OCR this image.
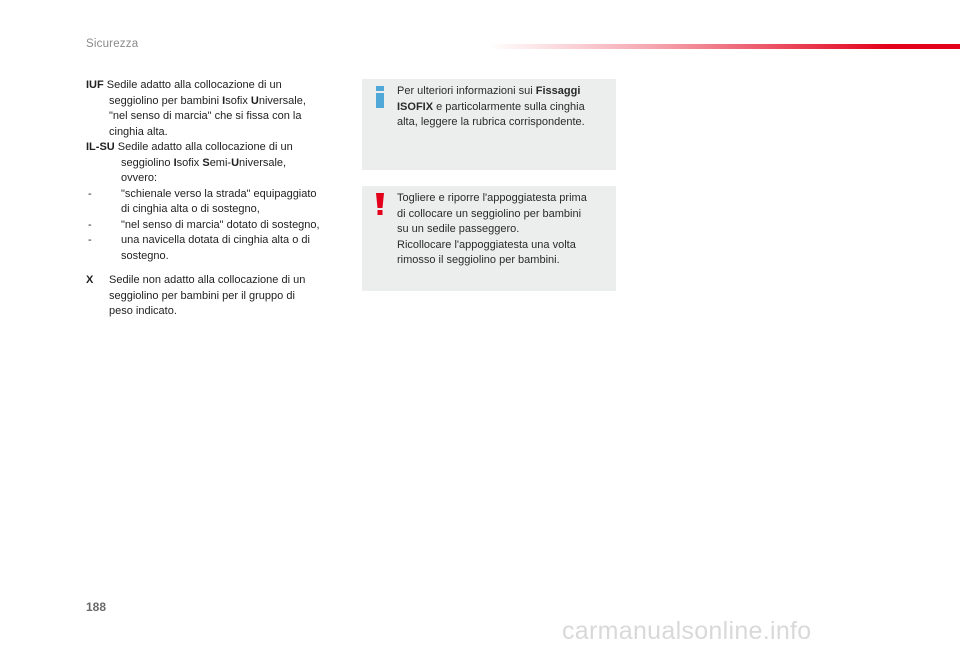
Sicurezza
IUF Sedile adatto alla collocazione di un
seggiolino per bambini Isofix Universale,
"nel senso di marcia" che si fissa con la
cinghia alta.
IL-SU Sedile adatto alla collocazione di un
seggiolino Isofix Semi-Universale,
ovvero:
-	"schienale verso la strada" equipaggiato
di cinghia alta o di sostegno,
-	"nel senso di marcia" dotato di sostegno,
-	una navicella dotata di cinghia alta o di
sostegno.
X Sedile non adatto alla collocazione di un
seggiolino per bambini per il gruppo di
peso indicato.
Per ulteriori informazioni sui Fissaggi
ISOFIX e particolarmente sulla cinghia
alta, leggere la rubrica corrispondente.
Togliere e riporre l'appoggiatesta prima
di collocare un seggiolino per bambini
su un sedile passeggero.
Ricollocare l'appoggiatesta una volta
rimosso il seggiolino per bambini.
188
carmanualsonline.info
